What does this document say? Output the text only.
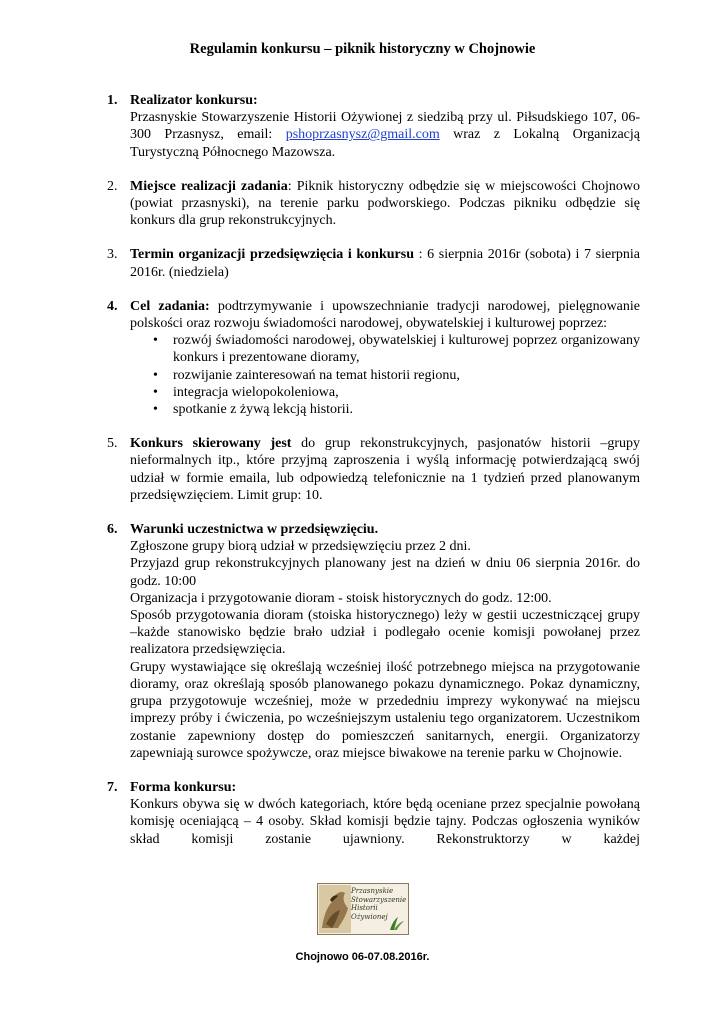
Regulamin konkursu – piknik historyczny w Chojnowie
1. Realizator konkursu:

Przasnyskie Stowarzyszenie Historii Ożywionej z siedzibą przy ul. Piłsudskiego 107, 06-300 Przasnysz, email: pshoprzasnysz@gmail.com wraz z Lokalną Organizacją Turystyczną Północnego Mazowsza.

2. Miejsce realizacji zadania: Piknik historyczny odbędzie się w miejscowości Chojnowo (powiat przasnyski), na terenie parku podworskiego. Podczas pikniku odbędzie się konkurs dla grup rekonstrukcyjnych.

3. Termin organizacji przedsięwzięcia i konkursu : 6 sierpnia 2016r (sobota) i 7 sierpnia 2016r. (niedziela)

4. Cel zadania: podtrzymywanie i upowszechnianie tradycji narodowej, pielęgnowanie polskości oraz rozwoju świadomości narodowej, obywatelskiej i kulturowej poprzez:

• rozwój świadomości narodowej, obywatelskiej i kulturowej poprzez organizowany konkurs i prezentowane dioramy,
• rozwijanie zainteresowań na temat historii regionu,
• integracja wielopokoleniowa,
• spotkanie z żywą lekcją historii.
5. Konkurs skierowany jest do grup rekonstrukcyjnych, pasjonatów historii –grupy nieformalnych itp., które przyjmą zaproszenia i wyślą informację potwierdzającą swój udział w formie emaila, lub odpowiedzą telefonicznie na 1 tydzień przed planowanym przedsięwzięciem. Limit grup: 10.

6. Warunki uczestnictwa w przedsięwzięciu.

Zgłoszone grupy biorą udział w przedsięwzięciu przez 2 dni.

Przyjazd grup rekonstrukcyjnych planowany jest na dzień w dniu 06 sierpnia 2016r. do godz. 10:00

Organizacja i przygotowanie dioram - stoisk historycznych do godz. 12:00.

Sposób przygotowania dioram (stoiska historycznego) leży w gestii uczestniczącej grupy –każde stanowisko będzie brało udział i podlegało ocenie komisji powołanej przez realizatora przedsięwzięcia.

Grupy wystawiające się określają wcześniej ilość potrzebnego miejsca na przygotowanie dioramy, oraz określają sposób planowanego pokazu dynamicznego. Pokaz dynamiczny, grupa przygotowuje wcześniej, może w przededniu imprezy wykonywać na miejscu imprezy próby i ćwiczenia, po wcześniejszym ustaleniu tego organizatorem. Uczestnikom zostanie zapewniony dostęp do pomieszczeń sanitarnych, energii. Organizatorzy zapewniają surowce spożywcze, oraz miejsce biwakowe na terenie parku w Chojnowie.

7. Forma konkursu:

Konkurs obywa się w dwóch kategoriach, które będą oceniane przez specjalnie powołaną komisję oceniającą – 4 osoby. Skład komisji będzie tajny. Podczas ogłoszenia wyników skład komisji zostanie ujawniony. Rekonstruktorzy w każdej

Przasnyskie
Stowarzyszenie
Historii
Ożywionej
Chojnowo 06-07.08.2016r.
